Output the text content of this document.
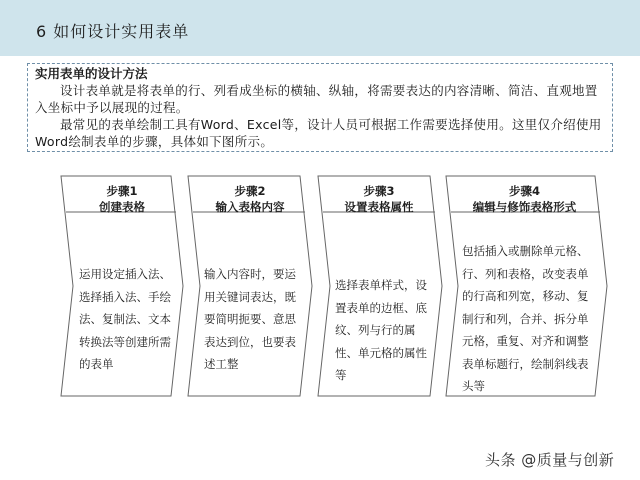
6 如何设计实用表单
实用表单的设计方法

设计表单就是将表单的行、列看成坐标的横轴、纵轴，将需要表达的内容清晰、简洁、直观地置入坐标中予以展现的过程。

最常见的表单绘制工具有Word、Excel等，设计人员可根据工作需要选择使用。这里仅介绍使用Word绘制表单的步骤，具体如下图所示。

步骤1
创建表格
步骤2
输入表格内容
步骤3
设置表格属性
步骤4
编辑与修饰表格形式
运用设定插入法、选择插入法、手绘法、复制法、文本转换法等创建所需的表单
输入内容时，要运用关键词表达，既要简明扼要、意思表达到位，也要表述工整
选择表单样式，设置表单的边框、底纹、列与行的属性、单元格的属性等
包括插入或删除单元格、行、列和表格，改变表单的行高和列宽，移动、复制行和列，合并、拆分单元格，重复、对齐和调整表单标题行，绘制斜线表头等
头条 @质量与创新
